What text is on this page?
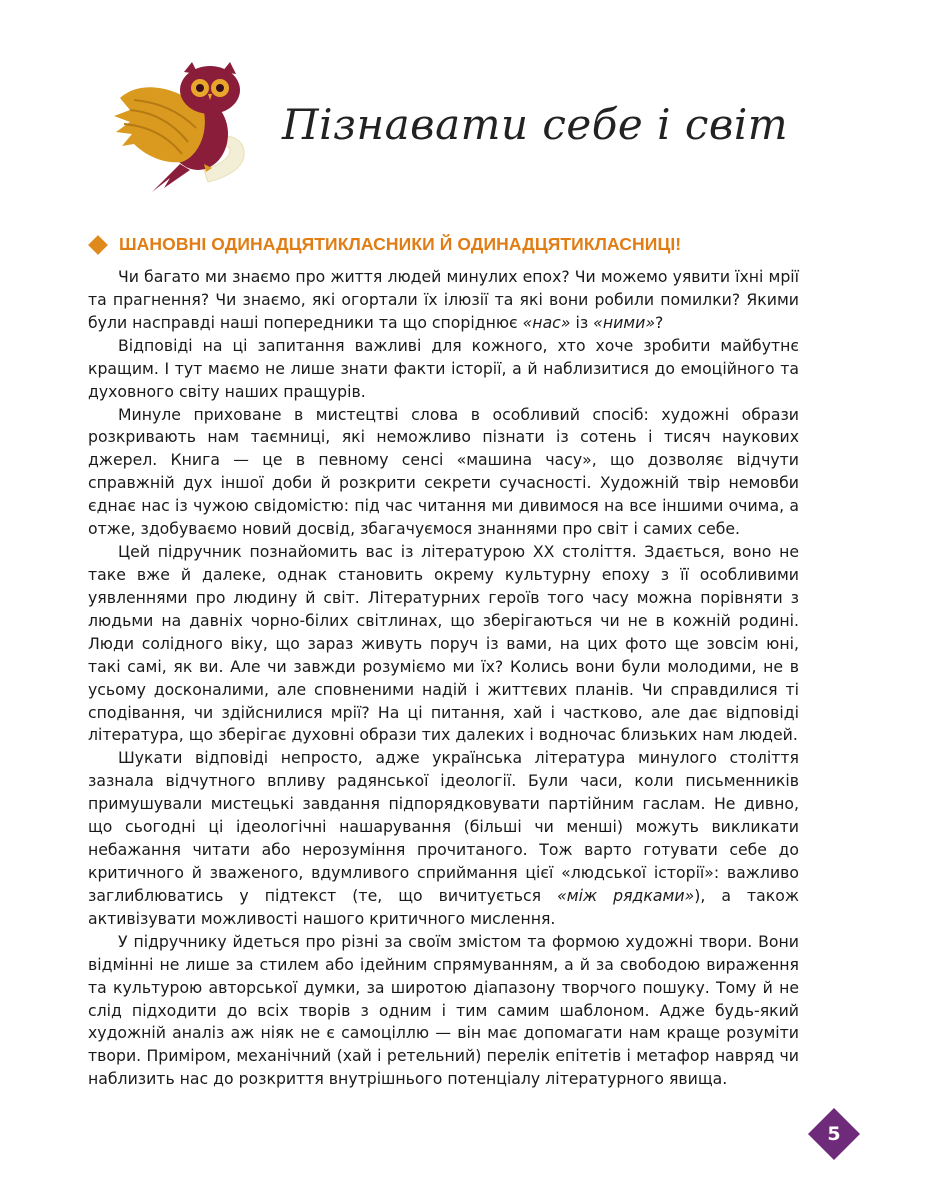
Пізнавати себе і світ
ШАНОВНІ ОДИНАДЦЯТИКЛАСНИКИ Й ОДИНАДЦЯТИКЛАСНИЦІ!

Чи багато ми знаємо про життя людей минулих епох? Чи можемо уявити їхні мрії та прагнення? Чи знаємо, які огортали їх ілюзії та які вони робили помилки? Якими були насправді наші попередники та що споріднює «нас» із «ними»?

Відповіді на ці запитання важливі для кожного, хто хоче зробити майбутнє кращим. І тут маємо не лише знати факти історії, а й наблизитися до емоційного та духовного світу наших пращурів.

Минуле приховане в мистецтві слова в особливий спосіб: художні образи розкривають нам таємниці, які неможливо пізнати із сотень і тисяч наукових джерел. Книга — це в певному сенсі «машина часу», що дозволяє відчути справжній дух іншої доби й розкрити секрети сучасності. Художній твір немовби єднає нас із чужою свідомістю: під час читання ми дивимося на все іншими очима, а отже, здобуваємо новий досвід, збагачуємося знаннями про світ і самих себе.

Цей підручник познайомить вас із літературою ХХ століття. Здається, воно не таке вже й далеке, однак становить окрему культурну епоху з її особливими уявленнями про людину й світ. Літературних героїв того часу можна порівняти з людьми на давніх чорно-білих світлинах, що зберігаються чи не в кожній родині. Люди солідного віку, що зараз живуть поруч із вами, на цих фото ще зовсім юні, такі самі, як ви. Але чи завжди розуміємо ми їх? Колись вони були молодими, не в усьому досконалими, але сповненими надій і життєвих планів. Чи справдилися ті сподівання, чи здійснилися мрії? На ці питання, хай і частково, але дає відповіді література, що зберігає духовні образи тих далеких і водночас близьких нам людей.

Шукати відповіді непросто, адже українська література минулого століття зазнала відчутного впливу радянської ідеології. Були часи, коли письменників примушували мистецькі завдання підпорядковувати партійним гаслам. Не дивно, що сьогодні ці ідеологічні нашарування (більші чи менші) можуть викликати небажання читати або нерозуміння прочитаного. Тож варто готувати себе до критичного й зваженого, вдумливого сприймання цієї «людської історії»: важливо заглиблюватись у підтекст (те, що вичитується «між рядками»), а також активізувати можливості нашого критичного мислення.

У підручнику йдеться про різні за своїм змістом та формою художні твори. Вони відмінні не лише за стилем або ідейним спрямуванням, а й за свободою вираження та культурою авторської думки, за широтою діапазону творчого пошуку. Тому й не слід підходити до всіх творів з одним і тим самим шаблоном. Адже будь-який художній аналіз аж ніяк не є самоціллю — він має допомагати нам краще розуміти твори. Приміром, механічний (хай і ретельний) перелік епітетів і метафор навряд чи наблизить нас до розкриття внутрішнього потенціалу літературного явища.

5
